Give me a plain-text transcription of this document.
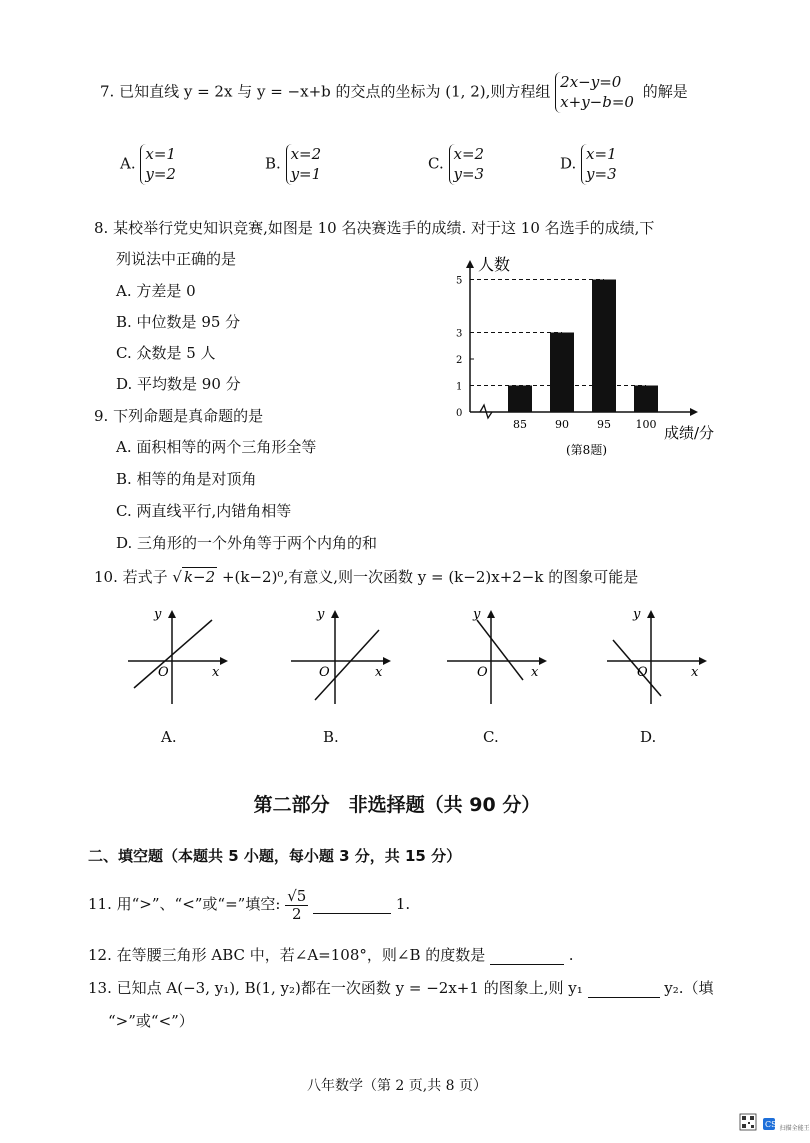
7. 已知直线 y = 2x 与 y = −x+b 的交点的坐标为 (1, 2),则方程组
2x−y=0
x+y−b=0
的解是
A.
x=1
y=2
B.
x=2
y=1
C.
x=2
y=3
D.
x=1
y=3
8. 某校举行党史知识竞赛,如图是 10 名决赛选手的成绩. 对于这 10 名选手的成绩,下
列说法中正确的是
A. 方差是 0
B. 中位数是 95 分
C. 众数是 5 人
D. 平均数是 90 分
人数
成绩/分
(第8题)
0
1
2
3
5
85	90	95 100
9. 下列命题是真命题的是
A. 面积相等的两个三角形全等
B. 相等的角是对顶角
C. 两直线平行,内错角相等
D. 三角形的一个外角等于两个内角的和
10. 若式子 √ k−2 +(k−2)⁰,有意义,则一次函数 y = (k−2)x+2−k 的图象可能是
y
x
O
y
x
O
y
x
O
y
x
O
A.	B.	C.	D.
第二部分　非选择题（共 90 分）
二、填空题（本题共 5 小题，每小题 3 分，共 15 分）
11. 用“>”、“<”或“=”填空: $\frac{√5}{2}$	1.
12. 在等腰三角形 ABC 中，若∠A=108°，则∠B 的度数是	.
13. 已知点 A(−3, y₁), B(1, y₂)都在一次函数 y = −2x+1 的图象上,则 y₁	y₂.（填
“>”或“<”）
八年数学（第 2 页,共 8 页）

CS 扫描全能王
